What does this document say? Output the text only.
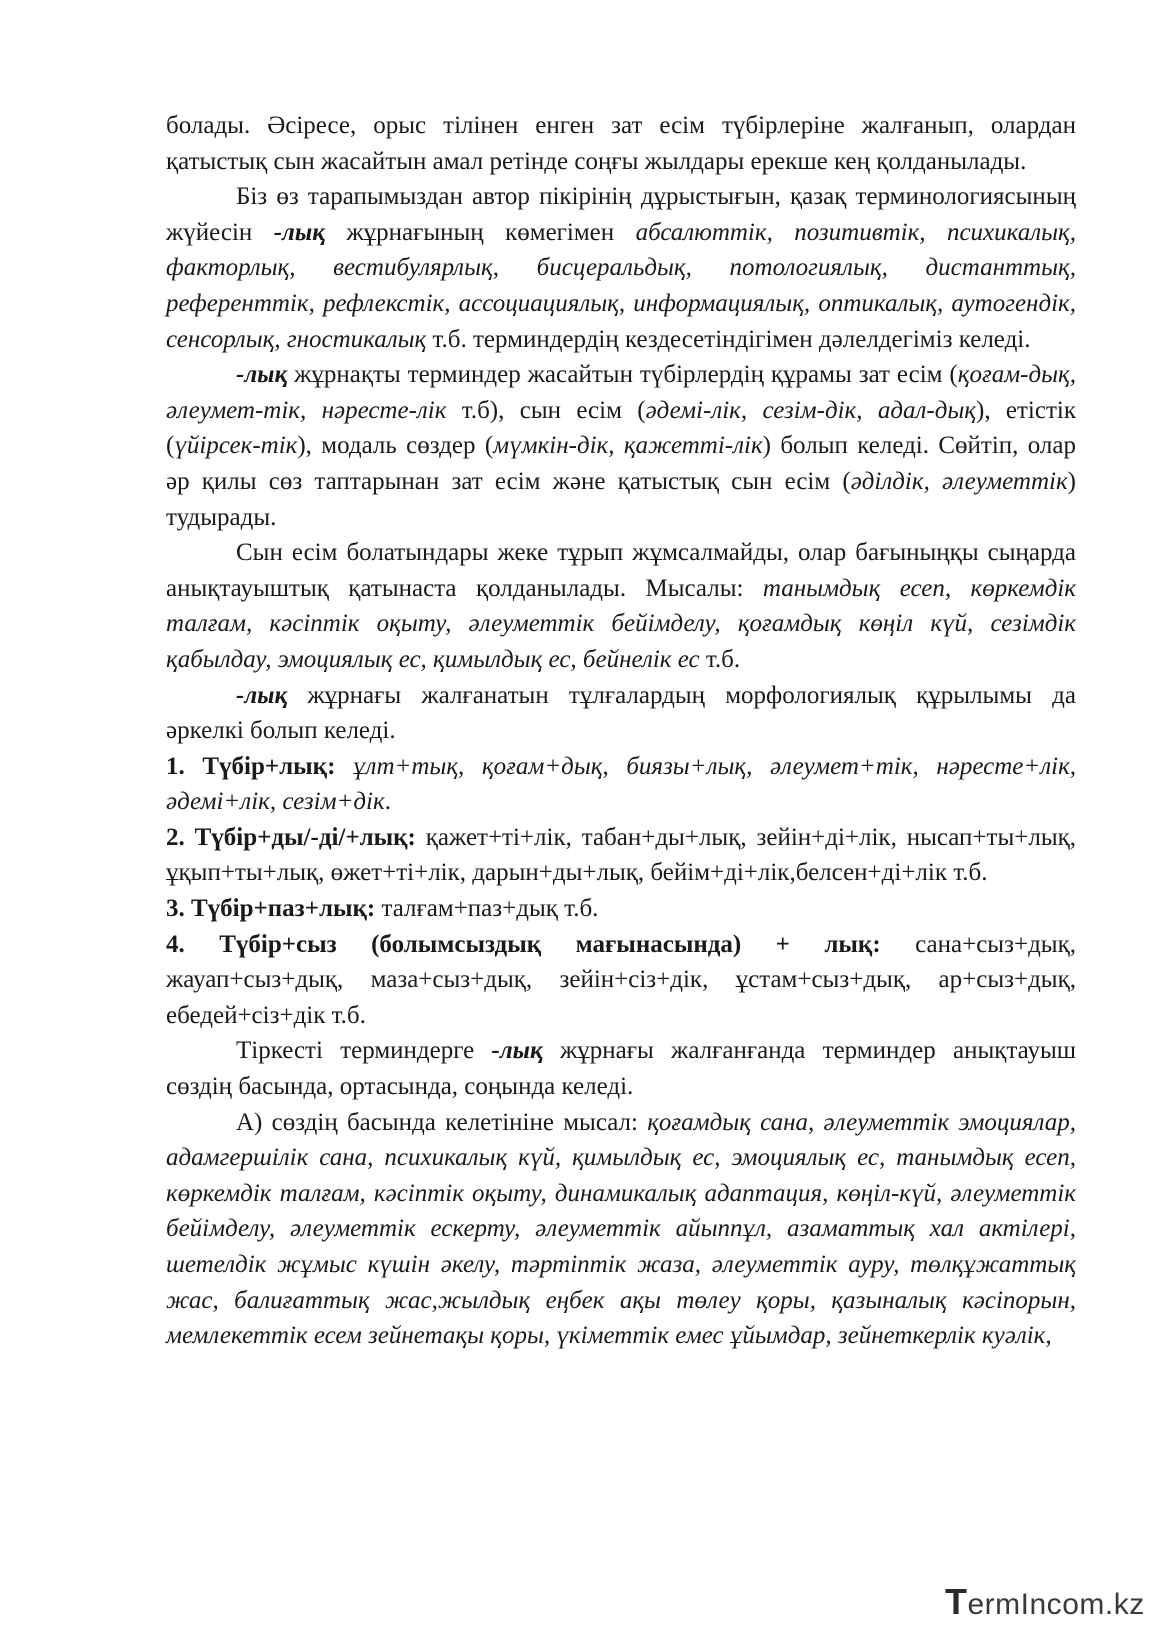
болады. Әсіресе, орыс тілінен енген зат есім түбірлеріне жалғанып, олардан қатыстық сын жасайтын амал ретінде соңғы жылдары ерекше кең қолданылады.

Біз өз тарапымыздан автор пікірінің дұрыстығын, қазақ терминологиясының жүйесін -лық жұрнағының көмегімен абсалюттік, позитивтік, психикалық, факторлық, вестибулярлық, бисцеральдық, потологиялық, дистанттық, референттік, рефлекстік, ассоциациялық, информациялық, оптикалық, аутогендік, сенсорлық, гностикалық т.б. терминдердің кездесетіндігімен дәлелдегіміз келеді.

-лық жұрнақты терминдер жасайтын түбірлердің құрамы зат есім (қоғам-дық, әлеумет-тік, нәресте-лік т.б), сын есім (әдемі-лік, сезім-дік, адал-дық), етістік (үйірсек-тік), модаль сөздер (мүмкін-дік, қажетті-лік) болып келеді. Сөйтіп, олар әр қилы сөз таптарынан зат есім және қатыстық сын есім (әділдік, әлеуметтік) тудырады.

Сын есім болатындары жеке тұрып жұмсалмайды, олар бағыныңқы сыңарда анықтауыштық қатынаста қолданылады. Мысалы: танымдық есеп, көркемдік талғам, кәсіптік оқыту, әлеуметтік бейімделу, қоғамдық көңіл күй, сезімдік қабылдау, эмоциялық ес, қимылдық ес, бейнелік ес т.б.

-лық жұрнағы жалғанатын тұлғалардың морфологиялық құрылымы да әркелкі болып келеді.

1. Түбір+лық: ұлт+тық, қоғам+дық, биязы+лық, әлеумет+тік, нәресте+лік, әдемі+лік, сезім+дік.

2. Түбір+ды/-ді/+лық: қажет+ті+лік, табан+ды+лық, зейін+ді+лік, нысап+ты+лық, ұқып+ты+лық, өжет+ті+лік, дарын+ды+лық, бейім+ді+лік,белсен+ді+лік т.б.

3. Түбір+паз+лық: талғам+паз+дық т.б.

4. Түбір+сыз (болымсыздық мағынасында) + лық: сана+сыз+дық, жауап+сыз+дық, маза+сыз+дық, зейін+сіз+дік, ұстам+сыз+дық, ар+сыз+дық, ебедей+сіз+дік т.б.

Тіркесті терминдерге -лық жұрнағы жалғанғанда терминдер анықтауыш сөздің басында, ортасында, соңында келеді.

А) сөздің басында келетініне мысал: қоғамдық сана, әлеуметтік эмоциялар, адамгершілік сана, психикалық күй, қимылдық ес, эмоциялық ес, танымдық есеп, көркемдік талғам, кәсіптік оқыту, динамикалық адаптация, көңіл-күй, әлеуметтік бейімделу, әлеуметтік ескерту, әлеуметтік айыппұл, азаматтық хал актілері, шетелдік жұмыс күшін әкелу, тәртіптік жаза, әлеуметтік ауру, төлқұжаттық жас, балиғаттық жас,жылдық еңбек ақы төлеу қоры, қазыналық кәсіпорын, мемлекеттік есем зейнетақы қоры, үкіметтік емес ұйымдар, зейнеткерлік куәлік,

TermIncom.kz
